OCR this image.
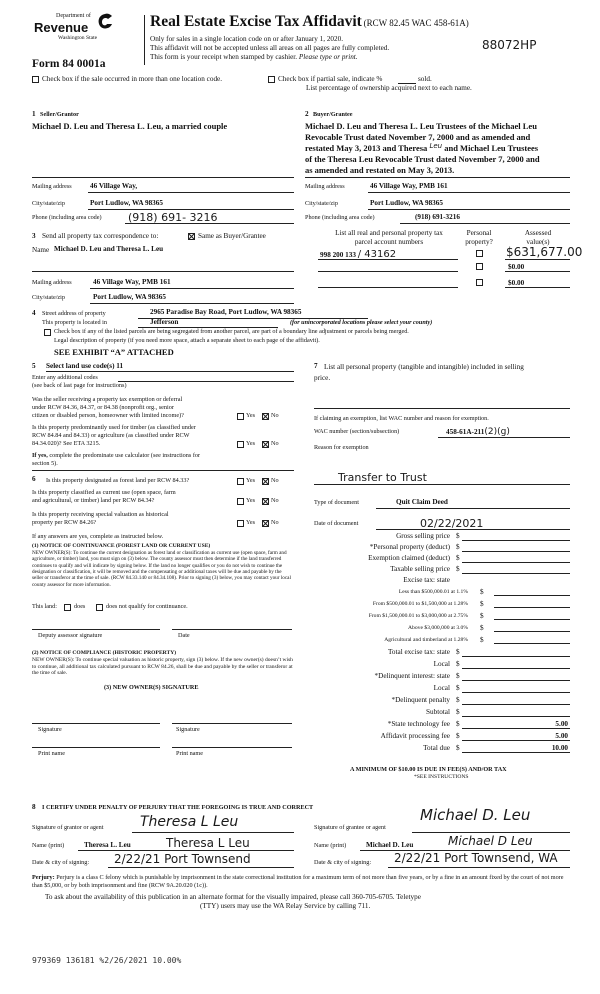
Department of
Revenue
Washington State
Form 84 0001a
Real Estate Excise Tax Affidavit (RCW 82.45 WAC 458-61A)
Only for sales in a single location code on or after January 1, 2020.
This affidavit will not be accepted unless all areas on all pages are fully completed.
This form is your receipt when stamped by cashier. Please type or print.
88072HP
Check box if the sale occurred in more than one location code.	Check box if partial sale, indicate %	sold.
List percentage of ownership acquired next to each name.
1 Seller/Grantor
Michael D. Leu and Theresa L. Leu, a married couple
Mailing address	46 Village Way,
City/state/zip	Port Ludlow, WA 98365
Phone (including area code) (918) 691- 3216
2 Buyer/Grantee
Michael D. Leu and Theresa L. Leu Trustees of the Michael Leu
Revocable Trust dated November 7, 2000 and as amended and
restated May 3, 2013 and Theresa $^{Leu}$ and Michael Leu Trustees
of the Theresa Leu Revocable Trust dated November 7, 2000 and
as amended and restated on May 3, 2013.
Mailing address	46 Village Way, PMB 161
City/state/zip	Port Ludlow, WA 98365
Phone (including area code)	(918) 691-3216
3 Send all property tax correspondence to:	Same as Buyer/Grantee
Name Michael D. Leu and Theresa L. Leu
Mailing address	46 Village Way, PMB 161
City/state/zip	Port Ludlow, WA 98365
List all real and personal property tax
parcel account numbers
Personal
property?
Assessed
value(s)
998 200 133 / 43162	$631,677.00
$0.00
$0.00
4 Street address of property	2965 Paradise Bay Road, Port Ludlow, WA 98365
This property is located in	Jefferson	(for unincorporated locations please select your county)
Check box if any of the listed parcels are being segregated from another parcel, are part of a boundary line adjustment or parcels being merged.
Legal description of property (if you need more space, attach a separate sheet to each page of the affidavit).
SEE EXHIBIT “A” ATTACHED
5 Select land use code(s) 11
Enter any additional codes
(see back of last page for instructions)
Was the seller receiving a property tax exemption or deferral
under RCW 84.36, 84.37, or 84.38 (nonprofit org., senior
citizen or disabled person, homeowner with limited income)?	Yes	No
Is this property predominantly used for timber (as classified under
RCW 84.84 and 84.33) or agriculture (as classified under RCW
84.34.020)? See ETA 3215.	Yes	No
If yes, complete the predominate use calculator (see instructions for
section 5).
6 Is this property designated as forest land per RCW 84.33?	Yes	No
Is this property classified as current use (open space, farm
and agricultural, or timber) land per RCW 84.34?	Yes	No
Is this property receiving special valuation as historical
property per RCW 84.26?	Yes	No
If any answers are yes, complete as instructed below.
(1) NOTICE OF CONTINUANCE (FOREST LAND OR CURRENT USE)
NEW OWNER(S): To continue the current designation as forest land or classification as current use (open space, farm and agriculture, or timber) land, you must sign on (3) below. The county assessor must then determine if the land transferred continues to qualify and will indicate by signing below. If the land no longer qualifies or you do not wish to continue the designation or classification, it will be removed and the compensating or additional taxes will be due and payable by the seller or transferor at the time of sale. (RCW 84.33.140 or 84.34.108). Prior to signing (3) below, you may contact your local county assessor for more information.
This land:	does	does not qualify for continuance.
Deputy assessor signature	Date
(2) NOTICE OF COMPLIANCE (HISTORIC PROPERTY)
NEW OWNER(S): To continue special valuation as historic property, sign (3) below. If the new owner(s) doesn’t wish to continue, all additional tax calculated pursuant to RCW 84.26, shall be due and payable by the seller or transferor at the time of sale.
(3) NEW OWNER(S) SIGNATURE
Signature	Signature
Print name	Print name
7 List all personal property (tangible and intangible) included in selling
price.
If claiming an exemption, list WAC number and reason for exemption.
WAC number (section/subsection)	458-61A-211(2)(g)
Reason for exemption
Transfer to Trust
Type of document	Quit Claim Deed
Date of document	02/22/2021
Gross selling price $
*Personal property (deduct) $
Exemption claimed (deduct) $
Taxable selling price $
Excise tax: state
Less than $500,000.01 at 1.1% $
From $500,000.01 to $1,500,000 at 1.28% $
From $1,500,000.01 to $3,000,000 at 2.75% $
Above $3,000,000 at 3.0% $
Agricultural and timberland at 1.28% $
Total excise tax: state $
Local $
*Delinquent interest: state $
Local $
*Delinquent penalty $
Subtotal $
*State technology fee $	5.00
Affidavit processing fee $	5.00
Total due $	10.00
A MINIMUM OF $10.00 IS DUE IN FEE(S) AND/OR TAX
*SEE INSTRUCTIONS
8 I CERTIFY UNDER PENALTY OF PERJURY THAT THE FOREGOING IS TRUE AND CORRECT
Signature of grantor or agent	Theresa L Leu	Signature of grantee or agent
Michael D. Leu
Name (print)	Theresa L. Leu	Theresa L Leu	Name (print)	Michael D. Leu	Michael D Leu
Date & city of signing: 2/22/21 Port Townsend	Date & city of signing: 2/22/21 Port Townsend, WA
Perjury: Perjury is a class C felony which is punishable by imprisonment in the state correctional institution for a maximum term of not more than five years, or by a fine in an amount fixed by the court of not more than $5,000, or by both imprisonment and fine (RCW 9A.20.020 (1c)).
To ask about the availability of this publication in an alternate format for the visually impaired, please call 360-705-6705. Teletype
(TTY) users may use the WA Relay Service by calling 711.
979369 136181 %2/26/2021 10.00%
